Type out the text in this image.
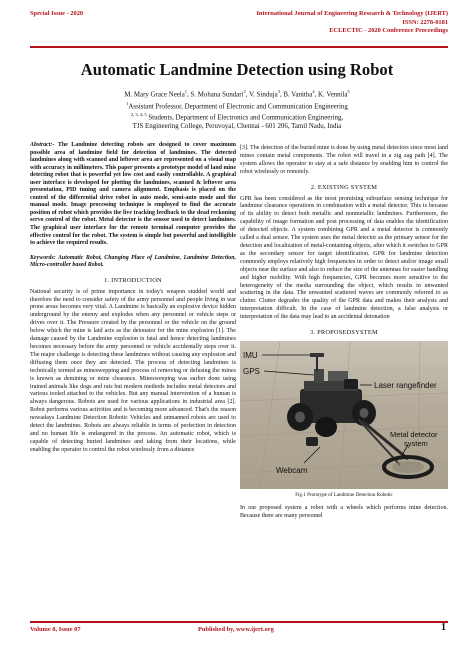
Special Issue - 2020	International Journal of Engineering Research & Technology (IJERT)
ISSN: 2278-0181
ECLECTIC - 2020 Conference Proceedings
Automatic Landmine Detection using Robot
M. Mary Grace Neela$^1$, S. Mohana Sundari$^2$, V. Sinduja$^3$, B. Vanitha$^4$, K. Vennila$^5$
$^1$Assistant Professor, Department of Electronic and Communication Engineering
$^{2, 3, 4, 5}$ Students, Department of Electronics and Communication Engineering,
TJS Engineering College, Peruvoyal, Chennai - 601 206, Tamil Nadu, India
Abstract:- The Landmine detecting robots are designed to cover maximum possible area of landmine field for detection of landmines. The detected landmines along with scanned and leftover area are represented on a visual map with accuracy in millimeters. This paper presents a prototype model of land mine detecting robot that is powerful yet low cost and easily controllable. A graphical user interface is developed for plotting the landmines, scanned & leftover area presentation, PID tuning and camera alignment. Emphasis is placed on the control of the differential drive robot in auto mode, semi-auto mode and the manual mode. Image processing technique is employed to find the accurate position of robot which provides the live tracking feedback to the dead reckoning servo control of the robot. Metal detector is the sensor used to detect landmines. The graphical user interface for the remote terminal computer provides the effective control for the robot. The system is simple but powerful and intelligible to achieve the required results.
Keywords: Automatic Robot, Changing Place of Landmine, Landmine Detection, Micro-controller based Robot.
1. INTRODUCTION
National security is of prime importance in today's weapon studded world and therefore the need to consider safety of the army personnel and people living in war prone areas becomes very vital. A Landmine is basically an explosive device hidden underground by the enemy and explodes when any personnel or vehicle steps or drives over it. The Pressure created by the personnel or the vehicle on the ground below which the mine is laid acts as the detonator for the mine explosion [1]. The damage caused by the Landmine explosion is fatal and hence detecting landmines becomes necessary before the army personnel or vehicle accidentally steps over it. The major challenge is detecting these landmines without causing any explosion and diffusing them once they are detected. The process of detecting landmines is technically termed as mineswepping and process of removing or defusing the mines is known as demining or mine clearance. Minesweeping was earlier done using trained animals like dogs and rats but modern methods includes metal detectors and various tooled attached to the vehicles. But any manual intervention of a human is always dangerous. Robots are used for various applications in industrial area [2]. Robot performs various activities and is becoming more advanced. That's the reason nowadays Landmine Detection Robotic Vehicles and unmanned robots are used to detect the landmines. Robots are always reliable in terms of perfection in detection and no human life is endangered in the process. An automatic robot, which is capable of detecting buried landmines and taking from their locations, while enabling the operator to control the robot wirelessly from a distance
[3]. The detection of the buried mine is done by using metal detectors since most land mines contain metal components. The robot will travel in a zig zag path [4]. The system allows the operator to stay at a safe distance by enabling him to control the robot wirelessly or remotely.
2. EXISTING SYSTEM
GPR has been considered as the most promising subsurface sensing technique for landmine clearance operations in combination with a metal detector. This is because of its ability to detect both metallic and nonmetallic landmines. Furthermore, the capability of image formation and post processing of data enables the identification of detected objects. A system combining GPR and a metal detector is commonly called a dual sensor. The system uses the metal detector as the primary sensor for the detection and localization of metal-containing objects, after which it switches to GPR as the secondary sensor for target identification. GPR for landmine detection commonly employs relatively high frequencies in order to detect and/or image small objects near the surface and also to reduce the size of the antennas for easier handling and higher mobility. With high frequencies, GPR becomes more sensitive to the heterogeneity of the media surrounding the object, which results in unwanted scattering in the data. The unwanted scattered waves are commonly referred to as clutter. Clutter degrades the quality of the GPR data and makes their analysis and interpretation difficult. In the case of landmine detection, a false analysis or interpretation of the data may lead to an accidental detonation
3. PROPOSEDSYSTEM
IMU
GPS
Laser rangefinder
Metal detector
system
Webcam
Fig.1 Prototype of Landmine Detection Robotic
In our proposed system a robot with a wheels which performs mine detection. Because there are many personnel
Volume 8, Issue 07	Published by, www.ijert.org	1
